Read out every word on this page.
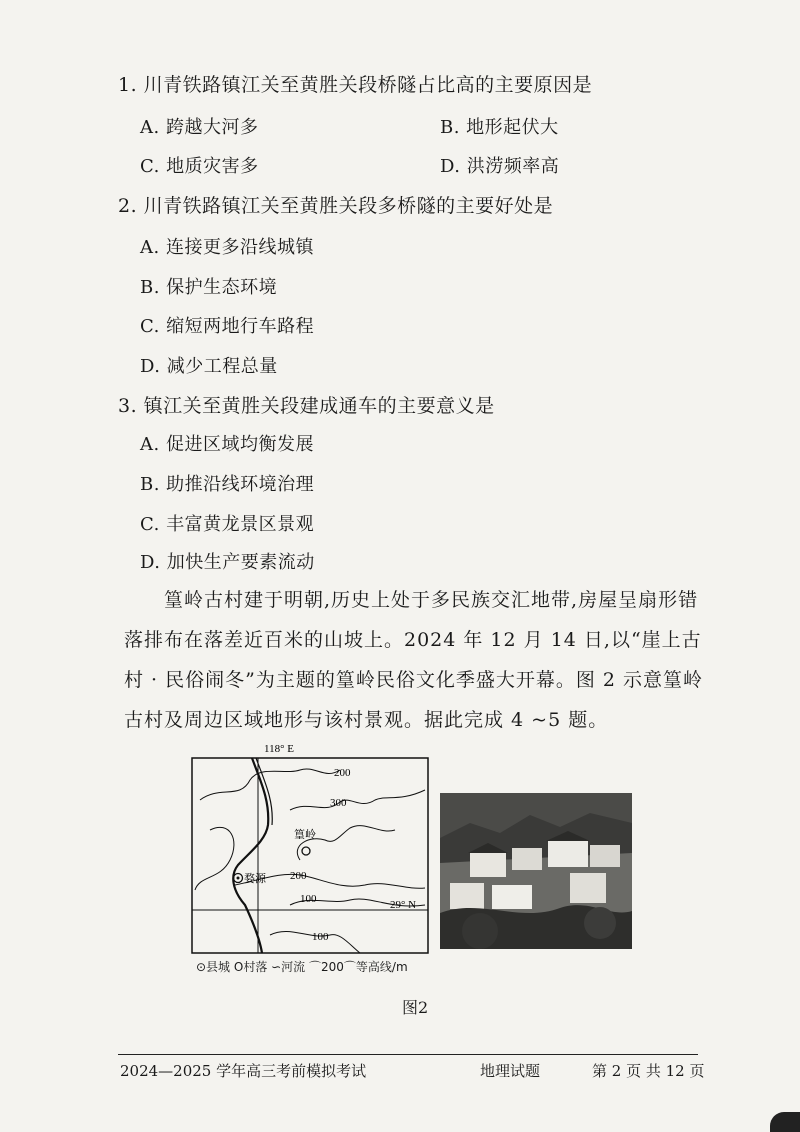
1. 川青铁路镇江关至黄胜关段桥隧占比高的主要原因是
A. 跨越大河多	B. 地形起伏大
C. 地质灾害多	D. 洪涝频率高
2. 川青铁路镇江关至黄胜关段多桥隧的主要好处是
A. 连接更多沿线城镇
B. 保护生态环境
C. 缩短两地行车路程
D. 减少工程总量
3. 镇江关至黄胜关段建成通车的主要意义是
A. 促进区域均衡发展
B. 助推沿线环境治理
C. 丰富黄龙景区景观
D. 加快生产要素流动

篁岭古村建于明朝,历史上处于多民族交汇地带,房屋呈扇形错落排布在落差近百米的山坡上。2024 年 12 月 14 日,以“崖上古村 · 民俗闹冬”为主题的篁岭民俗文化季盛大开幕。图 2 示意篁岭古村及周边区域地形与该村景观。据此完成 4 ~5 题。

118° E
29° N
200
300
200
100
100
篁岭
婺源
⊙县城 O村落 ∽河流 ⌒200⌒等高线/m
图2
2024—2025 学年高三考前模拟考试	地理试题	第 2 页 共 12 页
